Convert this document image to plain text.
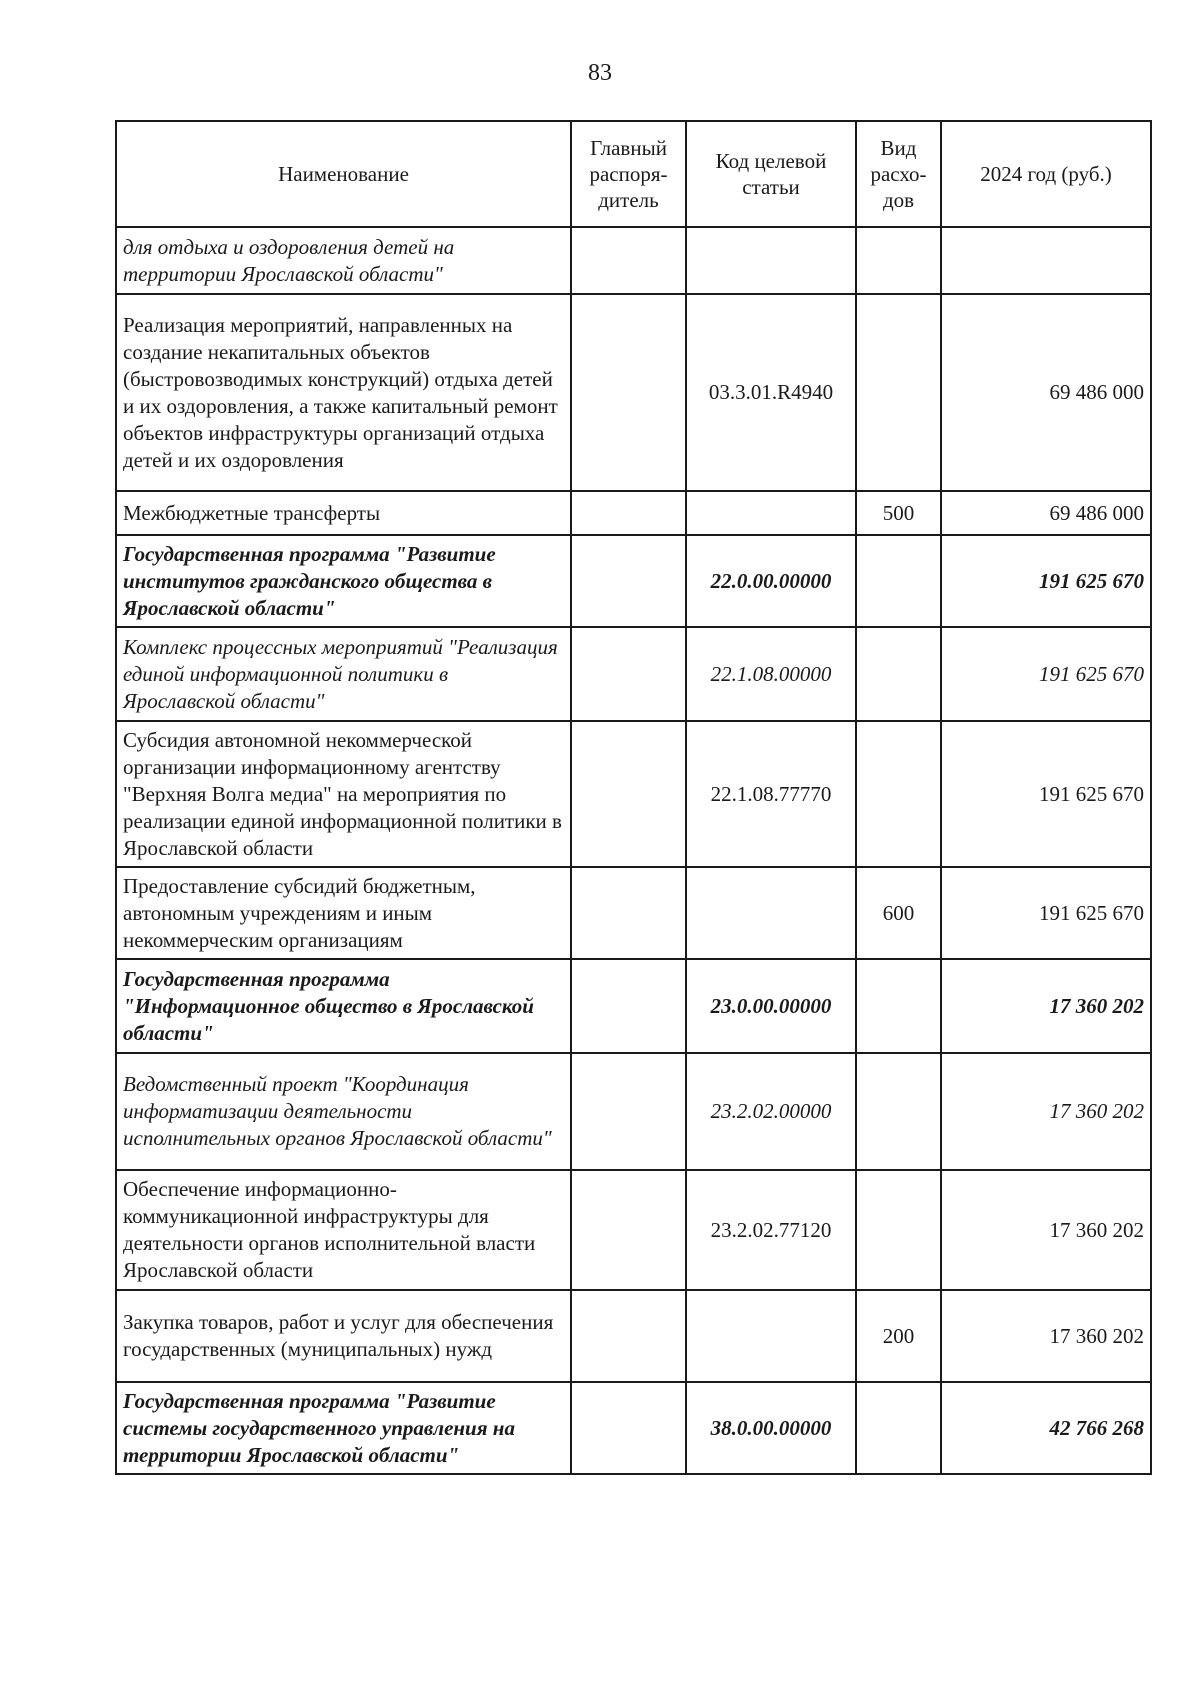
83
Наименование	Главный распоря-дитель	Код целевой статьи	Вид расхо-дов	2024 год (руб.)
для отдыха и оздоровления детей на территории Ярославской области"				
Реализация мероприятий, направленных на создание некапитальных объектов (быстровозводимых конструкций) отдыха детей и их оздоровления, а также капитальный ремонт объектов инфраструктуры организаций отдыха детей и их оздоровления		03.3.01.R4940		69 486 000
Межбюджетные трансферты			500	69 486 000
Государственная программа "Развитие институтов гражданского общества в Ярославской области"		22.0.00.00000		191 625 670
Комплекс процессных мероприятий "Реализация единой информационной политики в Ярославской области"		22.1.08.00000		191 625 670
Субсидия автономной некоммерческой организации информационному агентству "Верхняя Волга медиа" на мероприятия по реализации единой информационной политики в Ярославской области		22.1.08.77770		191 625 670
Предоставление субсидий бюджетным, автономным учреждениям и иным некоммерческим организациям			600	191 625 670
Государственная программа "Информационное общество в Ярославской области"		23.0.00.00000		17 360 202
Ведомственный проект "Координация информатизации деятельности исполнительных органов Ярославской области"		23.2.02.00000		17 360 202
Обеспечение информационно-коммуникационной инфраструктуры для деятельности органов исполнительной власти Ярославской области		23.2.02.77120		17 360 202
Закупка товаров, работ и услуг для обеспечения государственных (муниципальных) нужд			200	17 360 202
Государственная программа "Развитие системы государственного управления на территории Ярославской области"		38.0.00.00000		42 766 268
